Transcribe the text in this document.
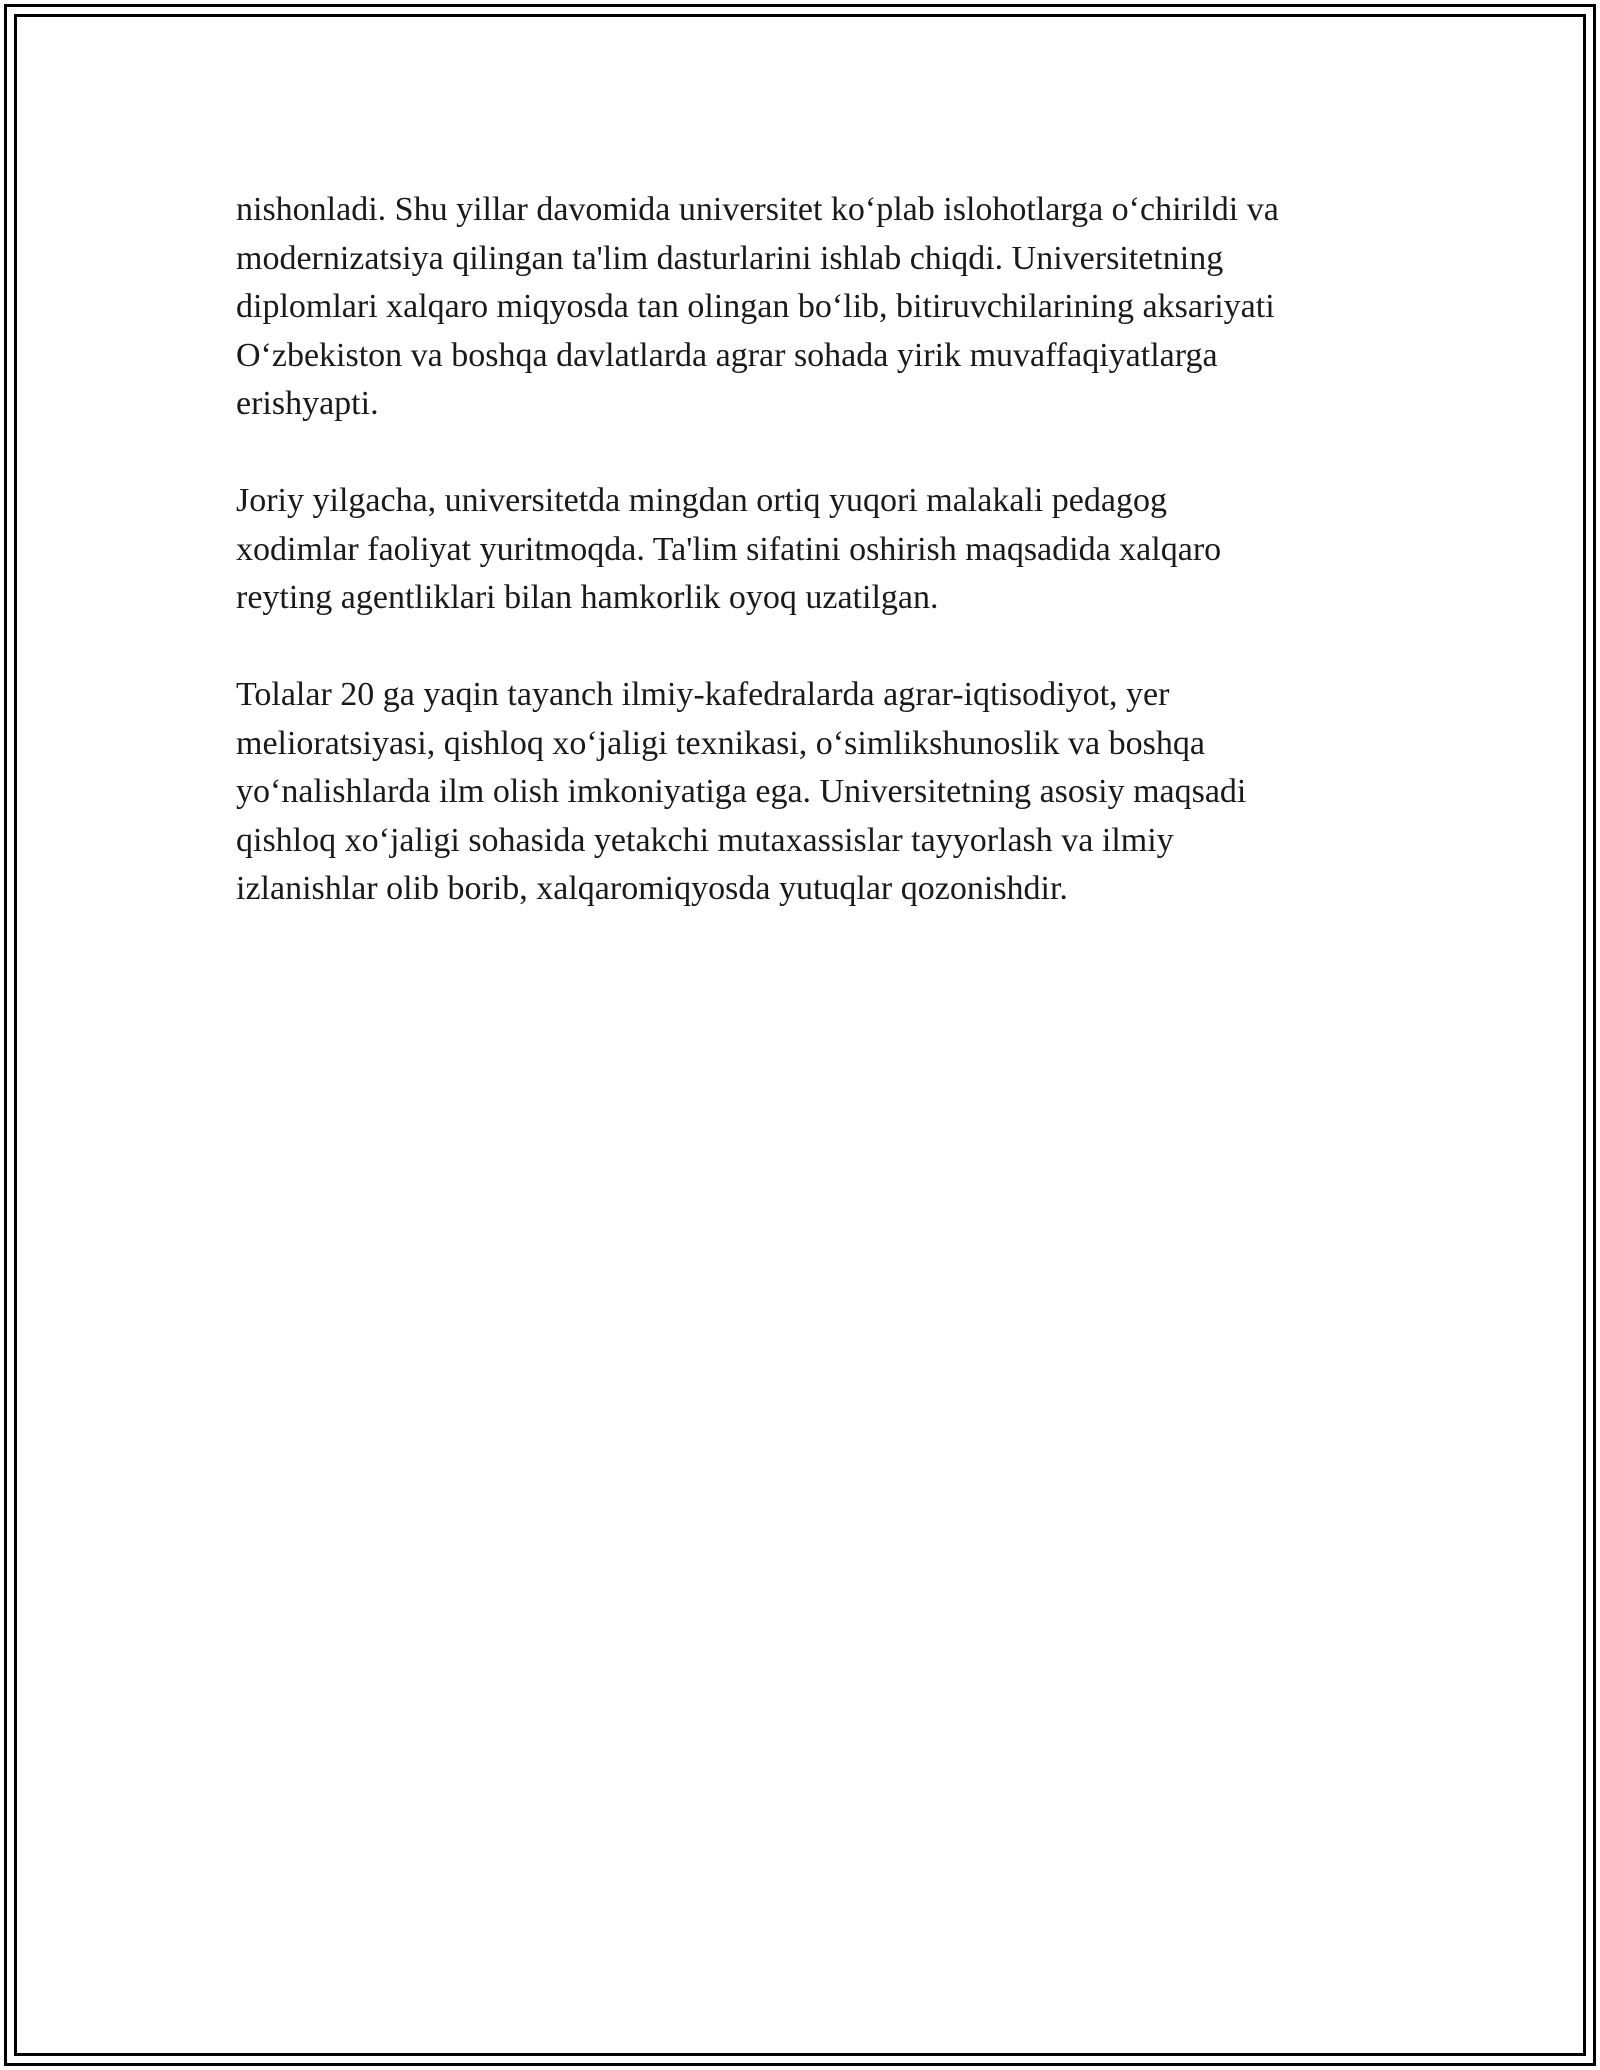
nishonladi. Shu yillar davomida universitet ko‘plab islohotlarga o‘chirildi va
modernizatsiya qilingan ta'lim dasturlarini ishlab chiqdi. Universitetning
diplomlari xalqaro miqyosda tan olingan bo‘lib, bitiruvchilarining aksariyati
O‘zbekiston va boshqa davlatlarda agrar sohada yirik muvaffaqiyatlarga
erishyapti.

Joriy yilgacha, universitetda mingdan ortiq yuqori malakali pedagog
xodimlar faoliyat yuritmoqda. Ta'lim sifatini oshirish maqsadida xalqaro
reyting agentliklari bilan hamkorlik oyoq uzatilgan.

Tolalar 20 ga yaqin tayanch ilmiy-kafedralarda agrar-iqtisodiyot, yer
melioratsiyasi, qishloq xo‘jaligi texnikasi, o‘simlikshunoslik va boshqa
yo‘nalishlarda ilm olish imkoniyatiga ega. Universitetning asosiy maqsadi
qishloq xo‘jaligi sohasida yetakchi mutaxassislar tayyorlash va ilmiy
izlanishlar olib borib, xalqaromiqyosda yutuqlar qozonishdir.
